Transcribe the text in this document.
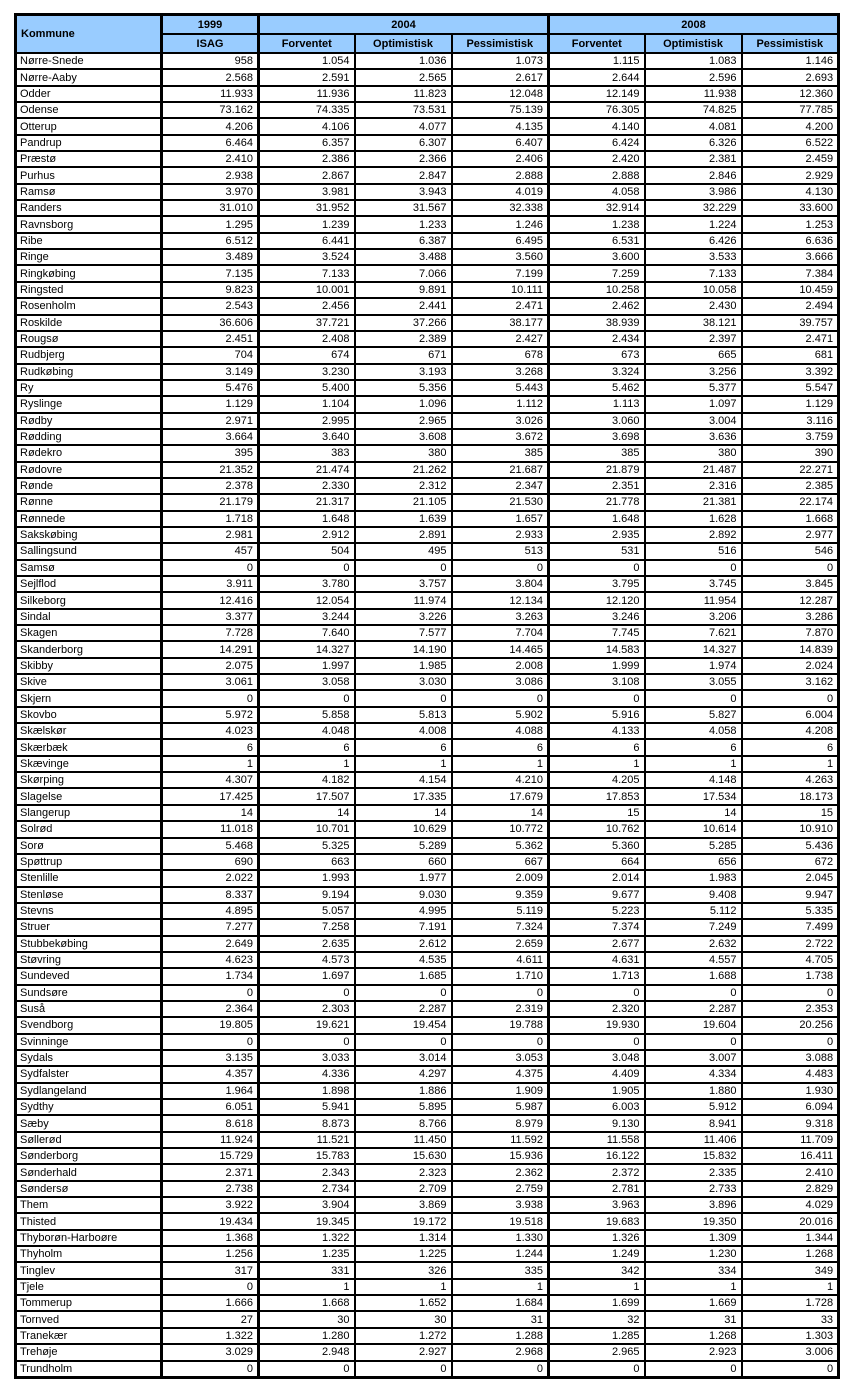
Kommune	1999	2004			2008		
	ISAG	Forventet	Optimistisk	Pessimistisk	Forventet	Optimistisk	Pessimistisk
Nørre-Snede	958	1.054	1.036	1.073	1.115	1.083	1.146
Nørre-Aaby	2.568	2.591	2.565	2.617	2.644	2.596	2.693
Odder	11.933	11.936	11.823	12.048	12.149	11.938	12.360
Odense	73.162	74.335	73.531	75.139	76.305	74.825	77.785
Otterup	4.206	4.106	4.077	4.135	4.140	4.081	4.200
Pandrup	6.464	6.357	6.307	6.407	6.424	6.326	6.522
Præstø	2.410	2.386	2.366	2.406	2.420	2.381	2.459
Purhus	2.938	2.867	2.847	2.888	2.888	2.846	2.929
Ramsø	3.970	3.981	3.943	4.019	4.058	3.986	4.130
Randers	31.010	31.952	31.567	32.338	32.914	32.229	33.600
Ravnsborg	1.295	1.239	1.233	1.246	1.238	1.224	1.253
Ribe	6.512	6.441	6.387	6.495	6.531	6.426	6.636
Ringe	3.489	3.524	3.488	3.560	3.600	3.533	3.666
Ringkøbing	7.135	7.133	7.066	7.199	7.259	7.133	7.384
Ringsted	9.823	10.001	9.891	10.111	10.258	10.058	10.459
Rosenholm	2.543	2.456	2.441	2.471	2.462	2.430	2.494
Roskilde	36.606	37.721	37.266	38.177	38.939	38.121	39.757
Rougsø	2.451	2.408	2.389	2.427	2.434	2.397	2.471
Rudbjerg	704	674	671	678	673	665	681
Rudkøbing	3.149	3.230	3.193	3.268	3.324	3.256	3.392
Ry	5.476	5.400	5.356	5.443	5.462	5.377	5.547
Ryslinge	1.129	1.104	1.096	1.112	1.113	1.097	1.129
Rødby	2.971	2.995	2.965	3.026	3.060	3.004	3.116
Rødding	3.664	3.640	3.608	3.672	3.698	3.636	3.759
Rødekro	395	383	380	385	385	380	390
Rødovre	21.352	21.474	21.262	21.687	21.879	21.487	22.271
Rønde	2.378	2.330	2.312	2.347	2.351	2.316	2.385
Rønne	21.179	21.317	21.105	21.530	21.778	21.381	22.174
Rønnede	1.718	1.648	1.639	1.657	1.648	1.628	1.668
Sakskøbing	2.981	2.912	2.891	2.933	2.935	2.892	2.977
Sallingsund	457	504	495	513	531	516	546
Samsø	0	0	0	0	0	0	0
Sejlflod	3.911	3.780	3.757	3.804	3.795	3.745	3.845
Silkeborg	12.416	12.054	11.974	12.134	12.120	11.954	12.287
Sindal	3.377	3.244	3.226	3.263	3.246	3.206	3.286
Skagen	7.728	7.640	7.577	7.704	7.745	7.621	7.870
Skanderborg	14.291	14.327	14.190	14.465	14.583	14.327	14.839
Skibby	2.075	1.997	1.985	2.008	1.999	1.974	2.024
Skive	3.061	3.058	3.030	3.086	3.108	3.055	3.162
Skjern	0	0	0	0	0	0	0
Skovbo	5.972	5.858	5.813	5.902	5.916	5.827	6.004
Skælskør	4.023	4.048	4.008	4.088	4.133	4.058	4.208
Skærbæk	6	6	6	6	6	6	6
Skævinge	1	1	1	1	1	1	1
Skørping	4.307	4.182	4.154	4.210	4.205	4.148	4.263
Slagelse	17.425	17.507	17.335	17.679	17.853	17.534	18.173
Slangerup	14	14	14	14	15	14	15
Solrød	11.018	10.701	10.629	10.772	10.762	10.614	10.910
Sorø	5.468	5.325	5.289	5.362	5.360	5.285	5.436
Spøttrup	690	663	660	667	664	656	672
Stenlille	2.022	1.993	1.977	2.009	2.014	1.983	2.045
Stenløse	8.337	9.194	9.030	9.359	9.677	9.408	9.947
Stevns	4.895	5.057	4.995	5.119	5.223	5.112	5.335
Struer	7.277	7.258	7.191	7.324	7.374	7.249	7.499
Stubbekøbing	2.649	2.635	2.612	2.659	2.677	2.632	2.722
Støvring	4.623	4.573	4.535	4.611	4.631	4.557	4.705
Sundeved	1.734	1.697	1.685	1.710	1.713	1.688	1.738
Sundsøre	0	0	0	0	0	0	0
Suså	2.364	2.303	2.287	2.319	2.320	2.287	2.353
Svendborg	19.805	19.621	19.454	19.788	19.930	19.604	20.256
Svinninge	0	0	0	0	0	0	0
Sydals	3.135	3.033	3.014	3.053	3.048	3.007	3.088
Sydfalster	4.357	4.336	4.297	4.375	4.409	4.334	4.483
Sydlangeland	1.964	1.898	1.886	1.909	1.905	1.880	1.930
Sydthy	6.051	5.941	5.895	5.987	6.003	5.912	6.094
Sæby	8.618	8.873	8.766	8.979	9.130	8.941	9.318
Søllerød	11.924	11.521	11.450	11.592	11.558	11.406	11.709
Sønderborg	15.729	15.783	15.630	15.936	16.122	15.832	16.411
Sønderhald	2.371	2.343	2.323	2.362	2.372	2.335	2.410
Søndersø	2.738	2.734	2.709	2.759	2.781	2.733	2.829
Them	3.922	3.904	3.869	3.938	3.963	3.896	4.029
Thisted	19.434	19.345	19.172	19.518	19.683	19.350	20.016
Thyborøn-Harboøre	1.368	1.322	1.314	1.330	1.326	1.309	1.344
Thyholm	1.256	1.235	1.225	1.244	1.249	1.230	1.268
Tinglev	317	331	326	335	342	334	349
Tjele	0	1	1	1	1	1	1
Tommerup	1.666	1.668	1.652	1.684	1.699	1.669	1.728
Tornved	27	30	30	31	32	31	33
Tranekær	1.322	1.280	1.272	1.288	1.285	1.268	1.303
Trehøje	3.029	2.948	2.927	2.968	2.965	2.923	3.006
Trundholm	0	0	0	0	0	0	0
